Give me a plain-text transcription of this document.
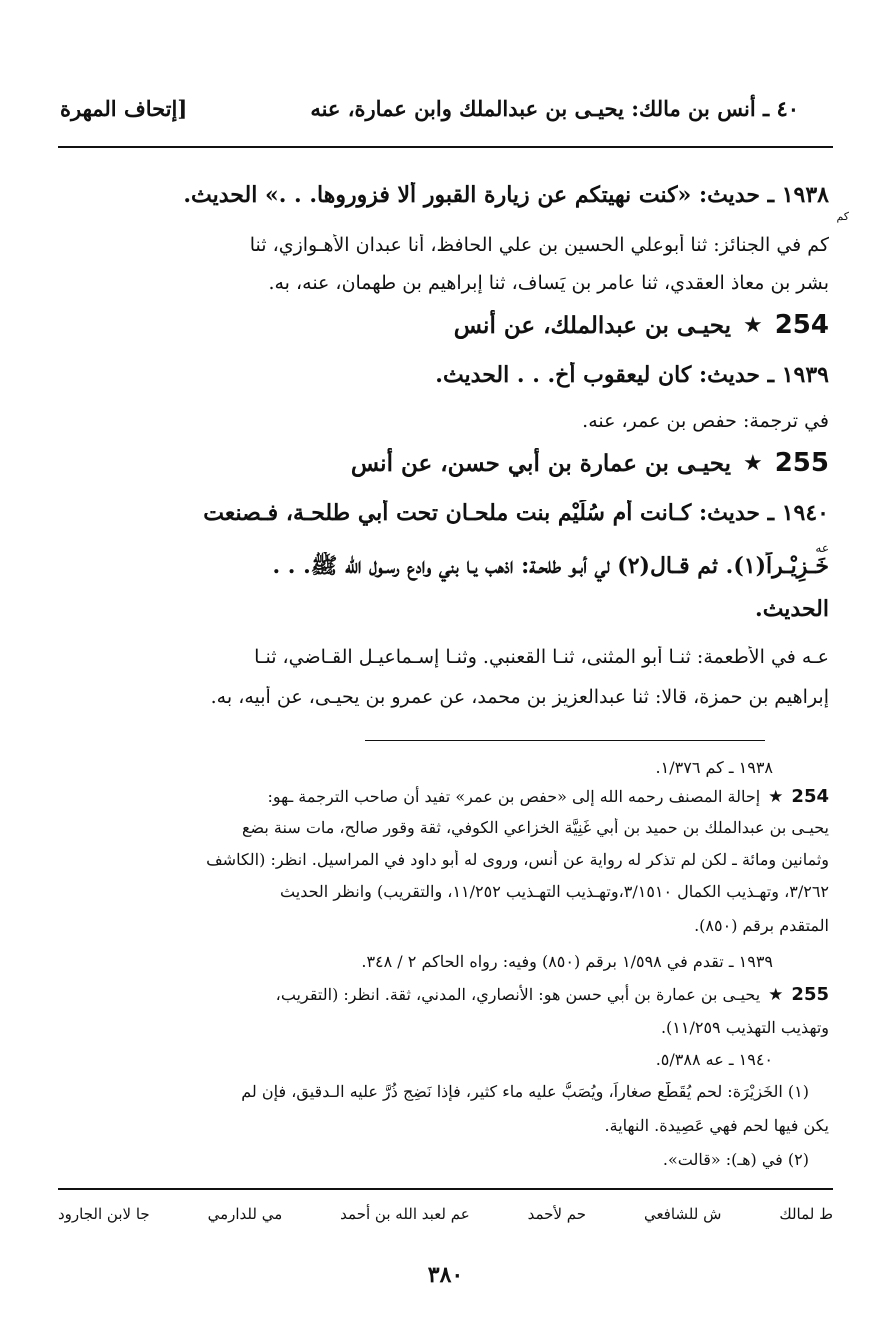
٤٠ ـ أنس بن مالك: يحيـى بن عبدالملك وابن عمارة، عنه
[إتحاف المهرة
١٩٣٨ ـ حديث: «كنت نهيتكم عن زيارة القبور ألا فزوروها. . .» الحديث.
كم
كم في الجنائز: ثنا أبوعلي الحسين بن علي الحافظ، أنا عبدان الأهـوازي، ثنا
بشر بن معاذ العقدي، ثنا عامر بن يَساف، ثنا إبراهيم بن طهمان، عنه، به.
254
★
يحيـى بن عبدالملك، عن أنس
١٩٣٩ ـ حديث: كان ليعقوب أخ. . . الحديث.
في ترجمة: حفص بن عمر، عنه.
255
★
يحيـى بن عمارة بن أبي حسن، عن أنس
١٩٤٠ ـ حديث: كـانت أم سُلَيْم بنت ملحـان تحت أبي طلحـة، فـصنعت
عه
خَـزِيْـراً(١). ثم قـال(٢) لي أبـو طلحـة: اذهب يـا بني وادع رسـول الله ﷺ. . .
الحديث.
عـه في الأطعمة: ثنـا أبو المثنى، ثنـا القعنبي. وثنـا إسـماعيـل القـاضي، ثنـا
إبراهيم بن حمزة، قالا: ثنا عبدالعزيز بن محمد، عن عمرو بن يحيـى، عن أبيه، به.
١٩٣٨ ـ كم ١/٣٧٦.
254
★
إحالة المصنف رحمه الله إلى «حفص بن عمر» تفيد أن صاحب الترجمة ـهو:
يحيـى بن عبدالملك بن حميد بن أبي غَنِيَّة الخزاعي الكوفي، ثقة وقور صالح، مات سنة بضع
وثمانين ومائة ـ لكن لم تذكر له رواية عن أنس، وروى له أبو داود في المراسيل. انظر: (الكاشف
٣/٢٦٢، وتهـذيب الكمال ٣/١٥١٠،وتهـذيب التهـذيب ١١/٢٥٢، والتقريب) وانظر الحديث
المتقدم برقم (٨٥٠).
١٩٣٩ ـ تقدم في ١/٥٩٨ برقم (٨٥٠) وفيه: رواه الحاكم ٢ / ٣٤٨.
255
★
يحيـى بن عمارة بن أبي حسن هو: الأنصاري، المدني، ثقة. انظر: (التقريب،
وتهذيب التهذيب ١١/٢٥٩).
١٩٤٠ ـ عه ٥/٣٨٨.
(١) الخَزِيْرَة: لحم يُقَطّع صغاراً، ويُصَبُّ عليه ماء كثير، فإذا نَضِج ذُرَّ عليه الـدقيق، فإن لم
يكن فيها لحم فهي عَصِيدة. النهاية.
(٢) في (هـ): «قالت».
ط لمالك
ش للشافعي
حم لأحمد
عم لعبد الله بن أحمد
مي للدارمي
جا لابن الجارود
٣٨٠
